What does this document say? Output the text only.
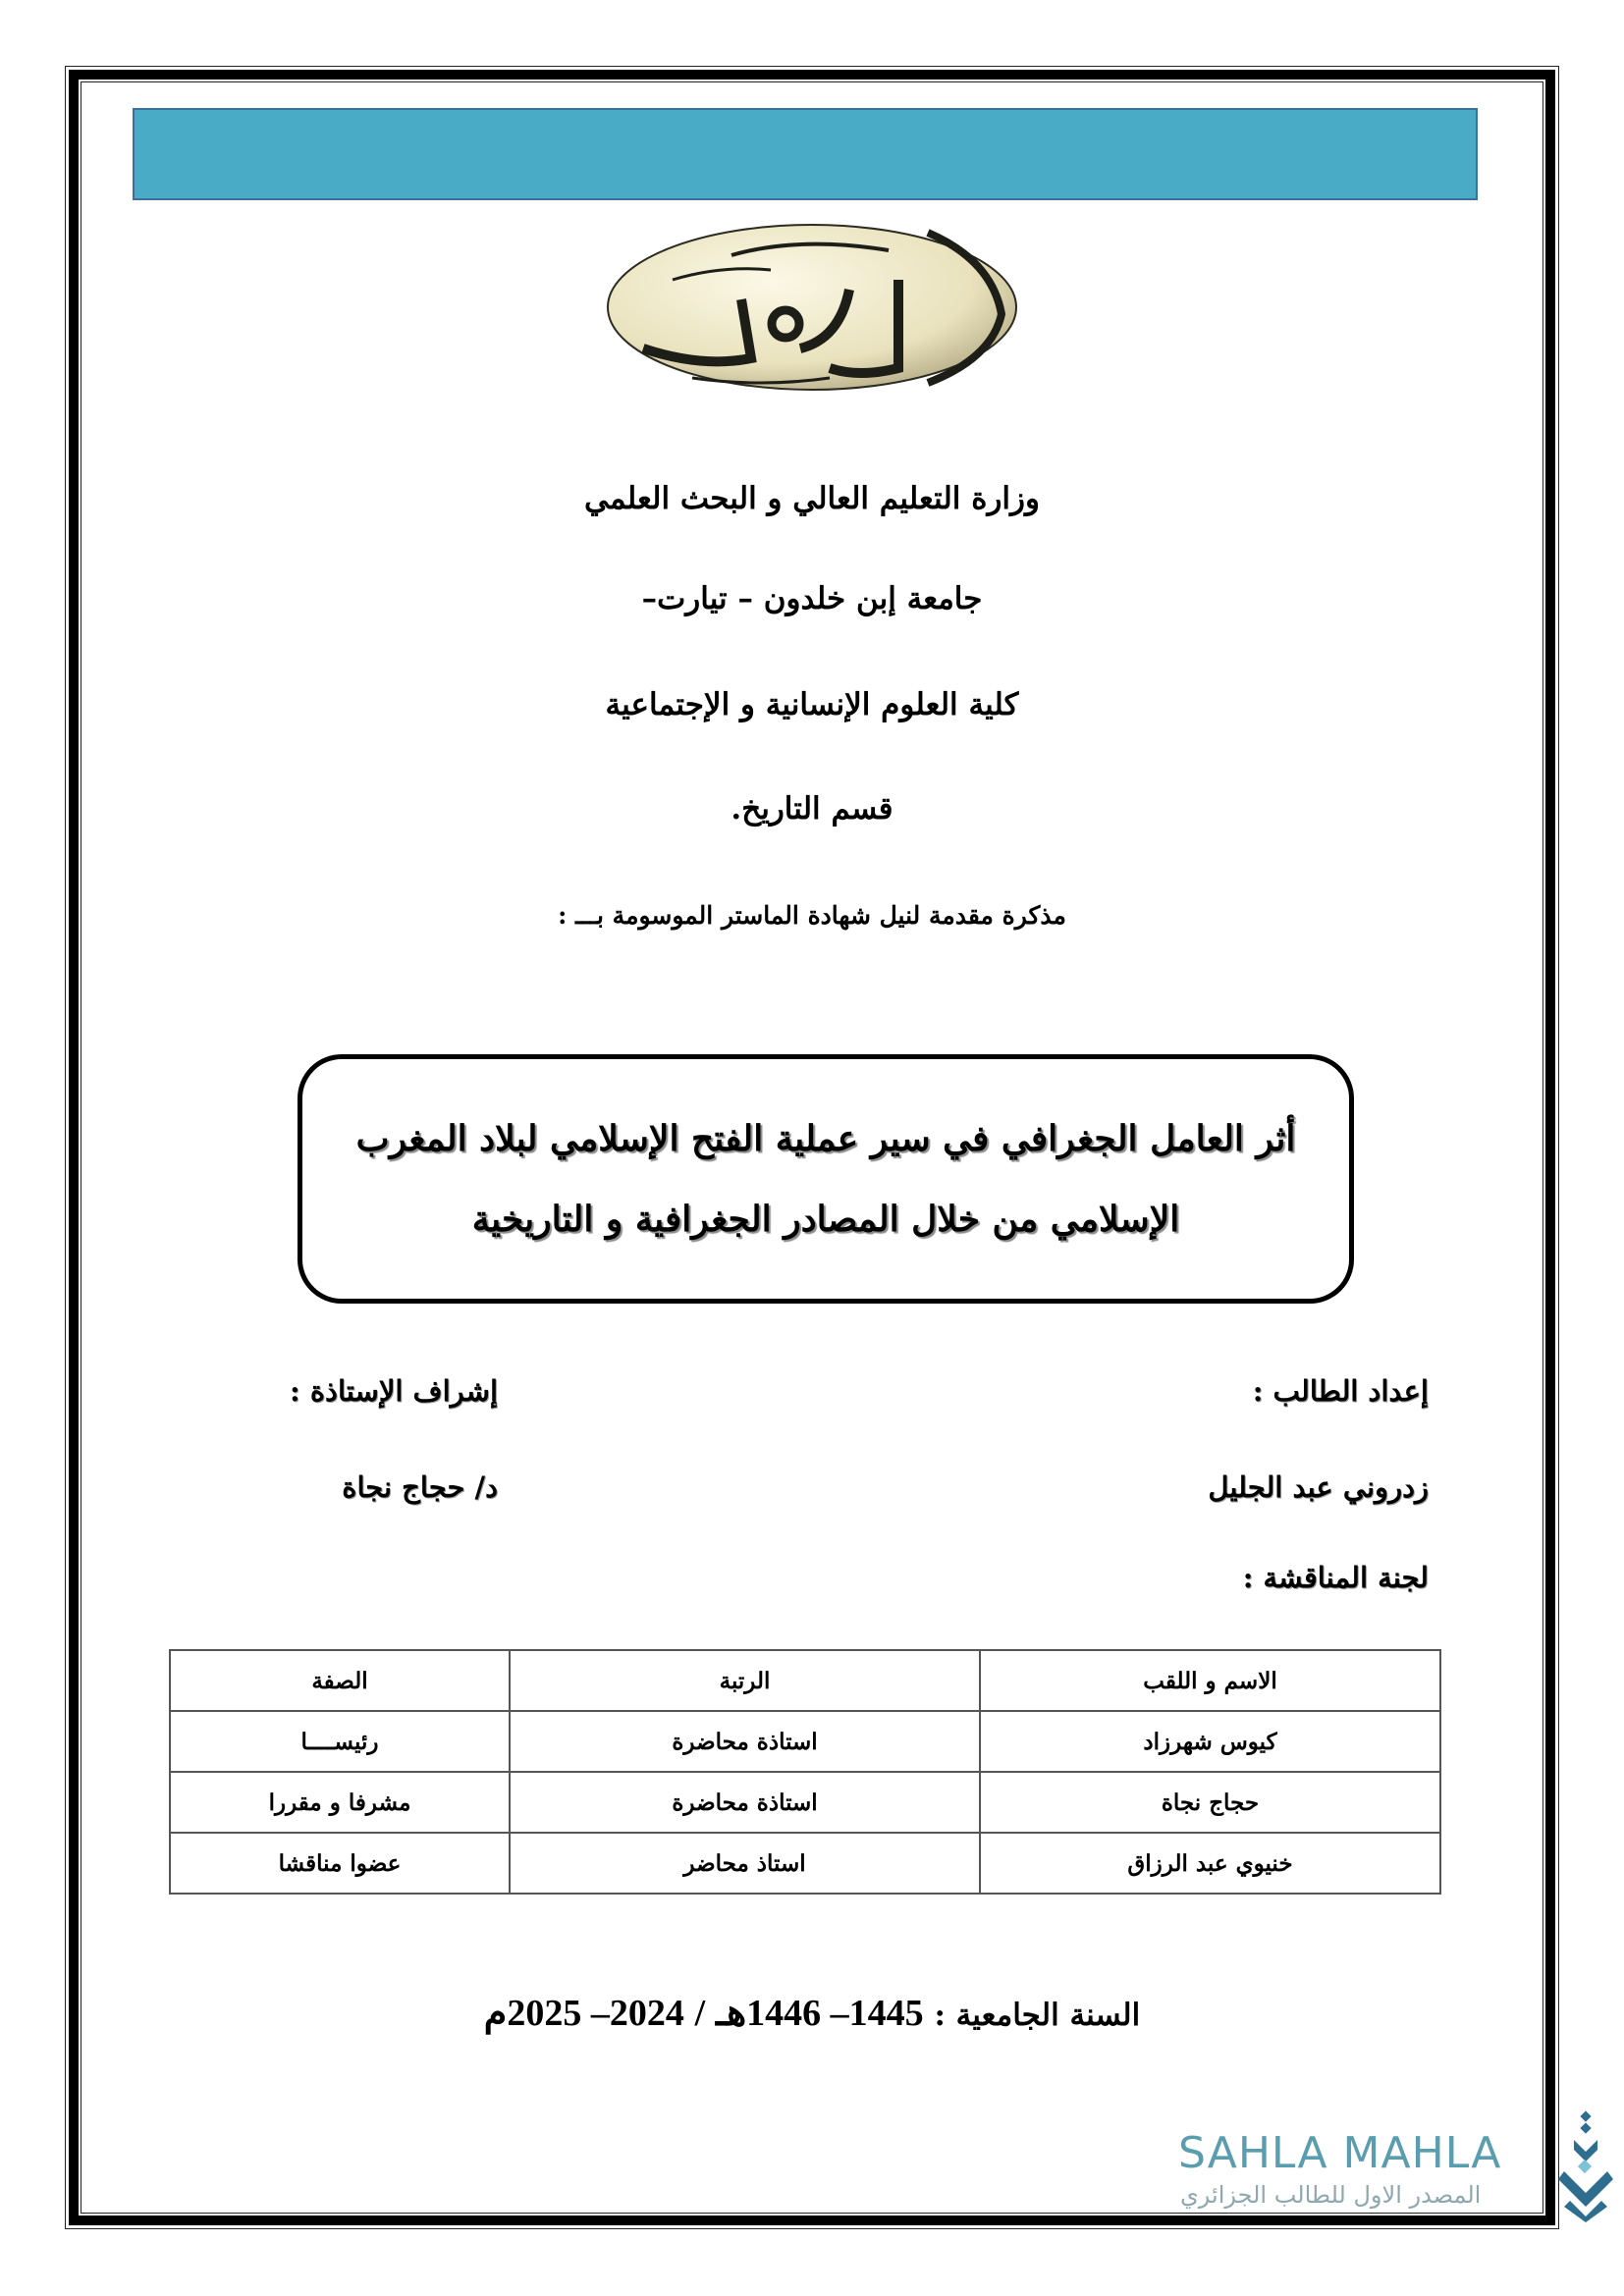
وزارة التعليم العالي و البحث العلمي
جامعة إبن خلدون – تيارت–
كلية العلوم الإنسانية و الإجتماعية
قسم التاريخ.
مذكرة مقدمة لنيل شهادة الماستر الموسومة بـــ :
أثر العامل الجغرافي في سير عملية الفتح الإسلامي لبلاد المغرب
الإسلامي من خلال المصادر الجغرافية و التاريخية
إعداد الطالب :
إشراف الإستاذة :
زدروني عبد الجليل
د/ حجاج نجاة
لجنة المناقشة :
الاسم و اللقب	الرتبة	الصفة
كيوس شهرزاد	استاذة محاضرة	رئيســــا
حجاج نجاة	استاذة محاضرة	مشرفا و مقررا
خنيوي عبد الرزاق	استاذ محاضر	عضوا مناقشا
السنة الجامعية : 1445– 1446هـ / 2024– 2025م
SAHLA MAHLA
المصدر الاول للطالب الجزائري
